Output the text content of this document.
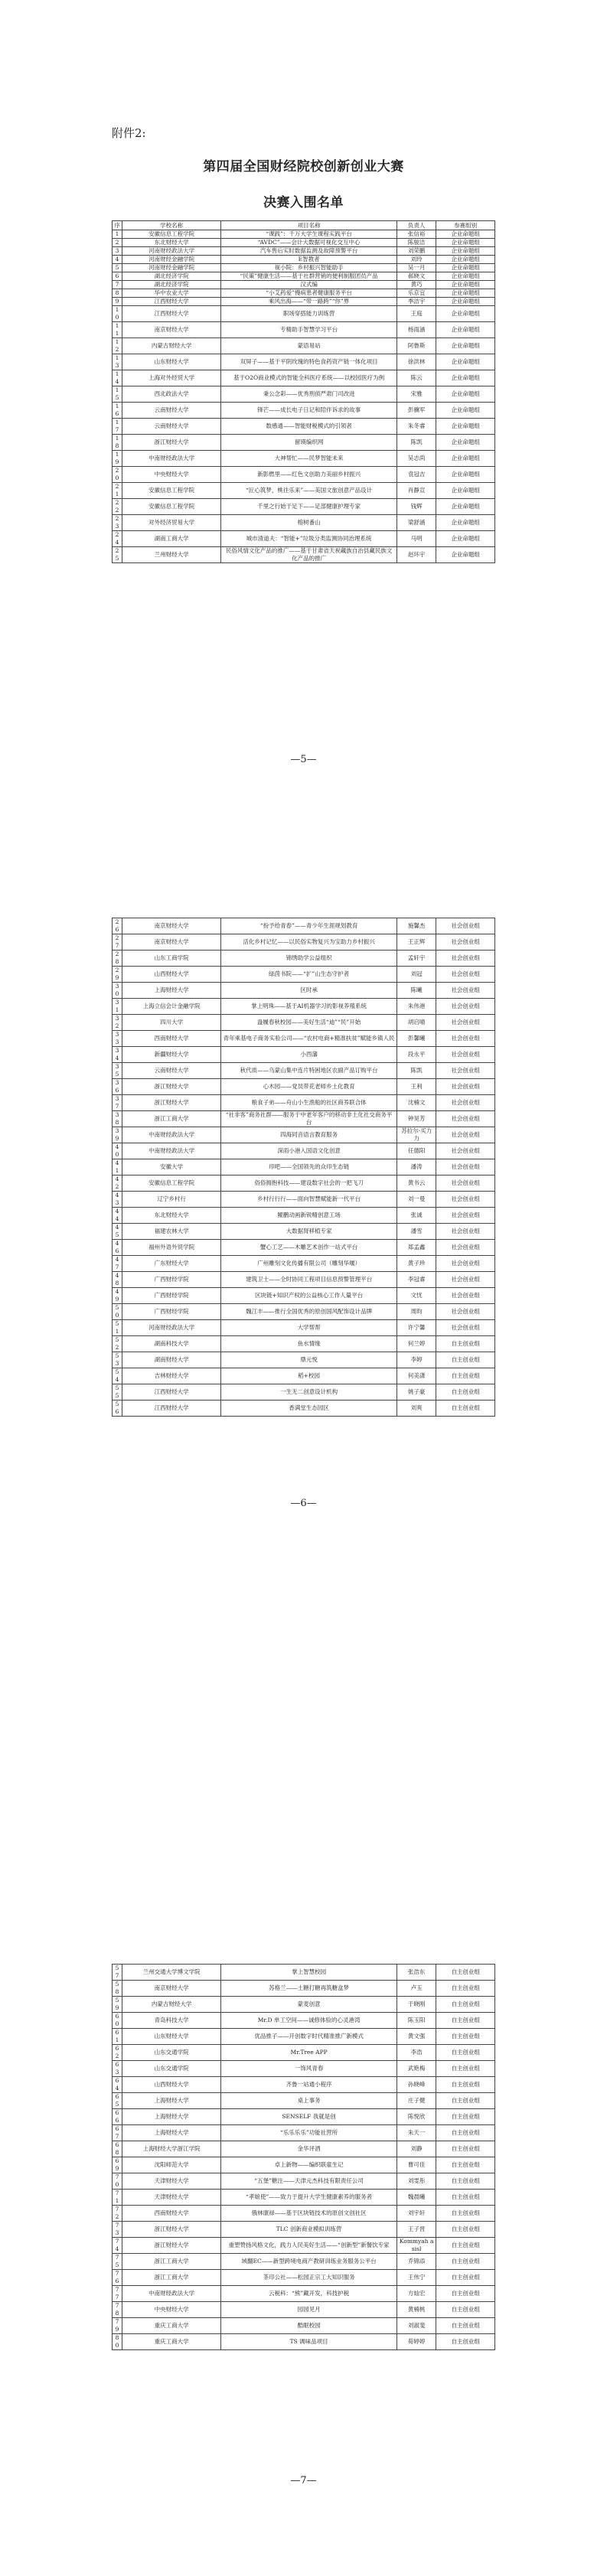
附件2:
第四届全国财经院校创新创业大赛
决赛入围名单
序	学校名称	项目名称	负责人	参赛组别
1	安徽信息工程学院	“课践”：千万大学生课程实践平台	张信裕	企业命题组
2	东北财经大学	“AVDC”——会计大数据可视化交互中心	陈骏洁	企业命题组
3	河南财经政法大学	汽车售后实时数据监测及故障预警平台	刘荣鹏	企业命题组
4	河南财经金融学院	E智教者	刘玲	企业命题组
5	河南财经金融学院	视小院：乡村振兴智能助手	吴一月	企业命题组
6	湖北经济学院	“民策”健康生活——基于社群营销的便利制服团员产品	郝晓文	企业命题组
7	湖北经济学院	汉式编	黄巧	企业命题组
8	华中农业大学	“小艾药爱”慢病患者健康服务平台	乐京宜	企业命题组
9	江西财经大学	乘风出海——“带一路跨”“你”界	季洁宇	企业命题组
10	江西财经大学	职场穿搭能力训练营	王庭	企业命题组
11	南京财经大学	专精助手智慧学习平台	杨雨涵	企业命题组
12	内蒙古财经大学	蒙语易站	阿鲁斯	企业命题组
13	山东财经大学	双屏子——基于平阴玫瑰的特色食药资产链一体化项目	徐洪林	企业命题组
14	上海对外经贸大学	基于O2O商业模式的智能全科医疗系统——以校园医疗为例	陈云	企业命题组
15	西北政法大学	秉公念彩——优秀刑侦严肃门司改进	宋雅	企业命题组
16	云南财经大学	锋芒——成长电子日记和陪伴诉求的故事	彭骥军	企业命题组
17	云南财经大学	数感通——智能财税模式的引领者	朱冬睿	企业命题组
18	浙江财经大学	留瑛编织网	陈凯	企业命题组
19	中南财经政法大学	大神帮忙——民梦智能未来	吴志尚	企业命题组
20	中央财经大学	新影燃里——红色文创助力美丽乡村振兴	袁冠吉	企业命题组
21	安徽信息工程学院	“匠心筑梦，桃往乐来”——美国文旅创意产品设计	肖静宣	企业命题组
22	安徽信息工程学院	千里之行始于足下——足部健康护理专家	钱辉	企业命题组
23	对外经济贸易大学	榕树番山	梁舒涵	企业命题组
24	湖南工商大学	城市清道夫：“智能+”垃圾分类监测协同治理系统	马明	企业命题组
25	兰州财经大学	民俗风情文化产品的推广——基于甘肃省天祝藏族自治县藏民族文化产品的推广	赵环宇	企业命题组
—5—
26	南京财经大学	“扮予给青春”——青少年生涯规划教育	施馨杰	社会创业组
27	南京财经大学	活化乡村记忆——以民俗实物复兴为宝助力乡村振兴	王正辉	社会创业组
28	山东工商学院	锦绣助学公益组织	孟轩宇	社会创业组
29	山西财经大学	绿茵书院——“扩”山生态守护者	刘冠	社会创业组
30	上海财经大学	区时承	陈曦	社会创业组
31	上海立信会计金融学院	掌上明珠——基于AI机器学习的影视养殖系统	朱伟港	社会创业组
32	四川大学	盎履春秋校园——美好生活“迪”“民”开始	胡启晴	社会创业组
33	西南财经大学	青年乘基电子商务实验公司——“农村电商+精准扶贫”赋能乡镇人民	彭馨曦	社会创业组
34	新疆财经大学	小西藩	段永平	社会创业组
35	云南财经大学	秋代质——乌蒙山集中连片特困地区农副产品订购平台	陈凯	社会创业组
36	浙江财经大学	心木园——党员带花老师乡土化教育	王利	社会创业组
37	浙江财经大学	粮食子弟——舟山小生渔船的社区商养联合体	沈楠文	社会创业组
38	浙江工商大学	“社非客”商务社群——服务于中老年客户的移动非土化社交商务平台	钟昊芳	社会创业组
39	中南财经政法大学	四海同音语言教育服务	苏拉尔·买力力	社会创业组
40	中南财经政法大学	深雨小港入国语文化创意	任德阳	社会创业组
41	安徽大学	印吧——全国领先的众印生态链	潘涛	社会创业组
42	安徽信息工程学院	俗俗拥抱科技——建设数字社会的一把飞刀	黄书云	社会创业组
43	辽宁乡村行	乡村行行行——面向智慧赋能新一代平台	刘一曼	社会创业组
44	东北财经大学	鲲鹏动画新锐精创意工场	张诚	社会创业组
45	福建农林大学	大数据肾移植专家	潘雪	社会创业组
46	福州外语外贸学院	蟹心工艺——木雕艺术创作一站式平台	郑孟鑫	社会创业组
47	广东财经大学	广州雕刻文化传播有限公司（雕刻华堰）	黄子珍	社会创业组
48	广西财经学院	建筑卫士——全时协同工程项目信息预警管理平台	李冠睿	社会创业组
49	广西财经学院	区块链+知识产权的公益核心工作人量平台	文忧	社会创业组
50	广西财经学院	魏江丰——推行全国优秀的原创国风配饰设计品牌	周昀	社会创业组
51	河南财经政法大学	大学帮帮	许宁馨	社会创业组
52	湖南科技大学	鱼水情缘	何兰婷	自主创业组
53	湖南财经大学	鼎元悦	李婷	自主创业组
54	吉林财经大学	稻+校园	何美潇	自主创业组
55	江西财经大学	一生无二创意设计机构	姚子豪	自主创业组
56	江西财经大学	香满堂生态园区	刘爽	自主创业组
—6—
57	兰州交通大学博文学院	掌上智慧校园	张浩东	自主创业组
58	南京财经大学	苏格兰——土糖打糖再筑糖盒梦	卢玉	自主创业组
59	内蒙古财经大学	蒙麦创意	于晓刚	自主创业组
60	青岛科技大学	Mr.D 单工空间——诚修体验的心灵港湾	陈玉阳	自主创业组
61	山东财经大学	优品推子——开创数字时代精准推广新模式	黄文强	自主创业组
62	山东交通学院	Mr.Tree APP	李浩	自主创业组
63	山东交通学院	一饰风青春	武艳梅	自主创业组
64	山西财经大学	齐鲁一站通小程序	孙晓峰	自主创业组
65	上海财经大学	桌上事务	庄子健	自主创业组
66	上海财经大学	SENSELF 我就是创	陈悦欣	自主创业组
67	上海财经大学	“乐乐乐乐”功能社营所	朱天一	自主创业组
68	上海财经大学浙江学院	金华评酒	刘静	自主创业组
69	沈阳师范大学	卓上新物——编织联童生记	曹可佳	自主创业组
70	天津财经大学	“五堡”糖注——天津元杰科技有限责任公司	刘雯彤	自主创业组
71	天津财经大学	“孝娘使”——致力于提升大学生健康素养的服务者	魏晨曦	自主创业组
72	西南财经大学	俄林康禄——基于区块链技术的原创文创社区	刘宇轩	自主创业组
73	浙江财经大学	TLC 创新商业模拟训练营	王子晋	自主创业组
74	浙江财经大学	重塑赞扬风格文化，践力人民美好生活——“创新型”新餐饮专家	Kommyah asisl	自主创业组
75	浙江工商大学	域翻EC——新型跨境电商产教研训练业务服务公平台	乔锦添	自主创业组
76	浙江工商大学	茶印公社——松园正宗工大知识服务	王伟宁	自主创业组
77	中南财经政法大学	云税科：“熊”藏开发，科技护税	方灿宏	自主创业组
78	中央财经大学	园园见月	黄楠桃	自主创业组
79	重庆工商大学	酷眠校园	刘淑斐	自主创业组
80	重庆工商大学	TS 调味品项目	荀婷婷	自主创业组
—7—
